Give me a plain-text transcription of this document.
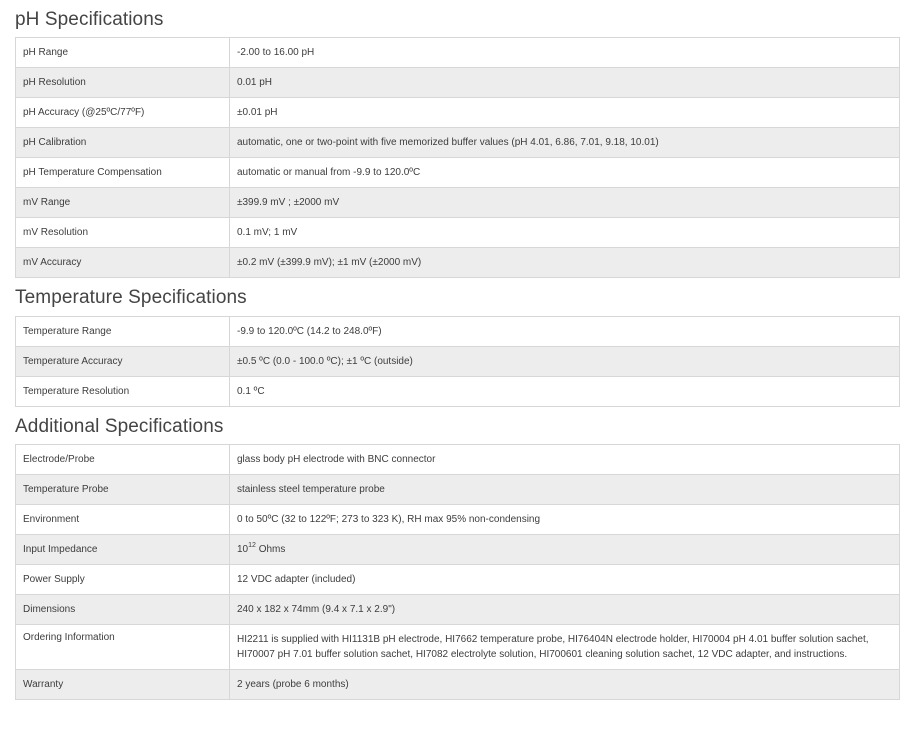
pH Specifications
pH Range	-2.00 to 16.00 pH
pH Resolution	0.01 pH
pH Accuracy (@25ºC/77ºF)	±0.01 pH
pH Calibration	automatic, one or two-point with five memorized buffer values (pH 4.01, 6.86, 7.01, 9.18, 10.01)
pH Temperature Compensation	automatic or manual from -9.9 to 120.0ºC
mV Range	±399.9 mV ; ±2000 mV
mV Resolution	0.1 mV; 1 mV
mV Accuracy	±0.2 mV (±399.9 mV); ±1 mV (±2000 mV)
Temperature Specifications
Temperature Range	-9.9 to 120.0ºC (14.2 to 248.0ºF)
Temperature Accuracy	±0.5 ºC (0.0 - 100.0 ºC); ±1 ºC (outside)
Temperature Resolution	0.1 ºC
Additional Specifications
Electrode/Probe	glass body pH electrode with BNC connector
Temperature Probe	stainless steel temperature probe
Environment	0 to 50ºC (32 to 122ºF; 273 to 323 K), RH max 95% non-condensing
Input Impedance	$10^{12}$ Ohms
Power Supply	12 VDC adapter (included)
Dimensions	240 x 182 x 74mm (9.4 x 7.1 x 2.9")
Ordering Information	HI2211 is supplied with HI1131B pH electrode, HI7662 temperature probe, HI76404N electrode holder, HI70004 pH 4.01 buffer solution sachet, HI70007 pH 7.01 buffer solution sachet, HI7082 electrolyte solution, HI700601 cleaning solution sachet, 12 VDC adapter, and instructions.
Warranty	2 years (probe 6 months)
